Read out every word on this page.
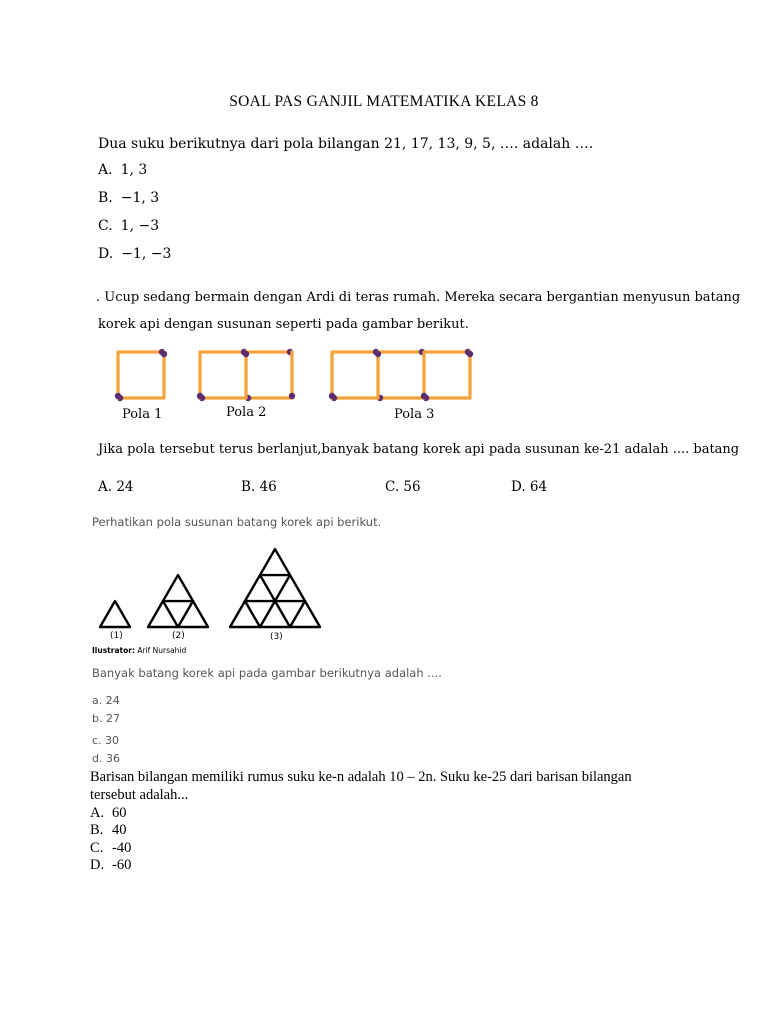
SOAL PAS GANJIL MATEMATIKA KELAS 8
Dua suku berikutnya dari pola bilangan 21, 17, 13, 9, 5, …. adalah ….
A. 1, 3
B. −1, 3
C. 1, −3
D. −1, −3
. Ucup sedang bermain dengan Ardi di teras rumah. Mereka secara bergantian menyusun batang
korek api dengan susunan seperti pada gambar berikut.
Pola 1	Pola 2	Pola 3
Jika pola tersebut terus berlanjut,banyak batang korek api pada susunan ke-21 adalah .... batang
A. 24	B. 46	C. 56	D. 64
Perhatikan pola susunan batang korek api berikut.
(1)	(2)	(3)
Ilustrator: Arif Nursahid
Banyak batang korek api pada gambar berikutnya adalah ....
a. 24
b. 27
c. 30
d. 36
Barisan bilangan memiliki rumus suku ke-n adalah 10 – 2n. Suku ke-25 dari barisan bilangan
tersebut adalah...
A. 60
B. 40
C. -40
D. -60
